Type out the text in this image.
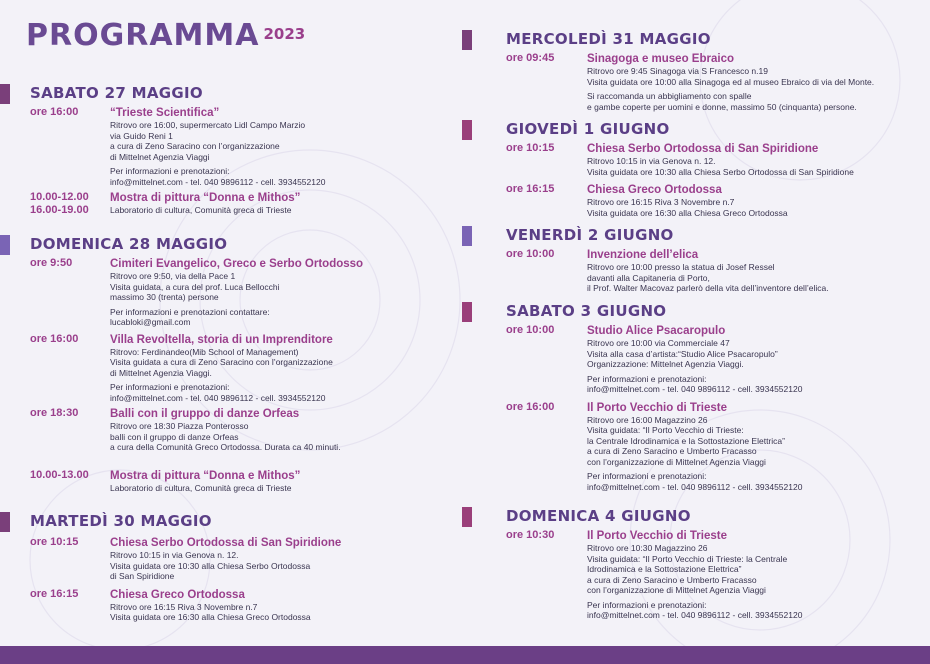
PROGRAMMA 2023
SABATO 27 MAGGIO
ore 16:00	“Trieste Scientifica”
Ritrovo ore 16:00, supermercato Lidl Campo Marzio
via Guido Reni 1
a cura di Zeno Saracino con l’organizzazione
di Mittelnet Agenzia Viaggi
Per informazioni e prenotazioni:
info@mittelnet.com - tel. 040 9896112 - cell. 3934552120
10.00-12.00
16.00-19.00
Mostra di pittura “Donna e Mithos”
Laboratorio di cultura, Comunità greca di Trieste
DOMENICA 28 MAGGIO
ore 9:50	Cimiteri Evangelico, Greco e Serbo Ortodosso
Ritrovo ore 9:50, via della Pace 1
Visita guidata, a cura del prof. Luca Bellocchi
massimo 30 (trenta) persone
Per informazioni e prenotazioni contattare:
lucabloki@gmail.com
ore 16:00	Villa Revoltella, storia di un Imprenditore
Ritrovo: Ferdinandeo(Mib School of Management)
Visita guidata a cura di Zeno Saracino con l’organizzazione
di Mittelnet Agenzia Viaggi.
Per informazioni e prenotazioni:
info@mittelnet.com - tel. 040 9896112 - cell. 3934552120
ore 18:30	Balli con il gruppo di danze Orfeas
Ritrovo ore 18:30 Piazza Ponterosso
balli con il gruppo di danze Orfeas
a cura della Comunità Greco Ortodossa. Durata ca 40 minuti.
10.00-13.00 Mostra di pittura “Donna e Mithos”
Laboratorio di cultura, Comunità greca di Trieste
MARTEDÌ 30 MAGGIO
ore 10:15	Chiesa Serbo Ortodossa di San Spiridione
Ritrovo 10:15 in via Genova n. 12.
Visita guidata ore 10:30 alla Chiesa Serbo Ortodossa
di San Spiridione
ore 16:15	Chiesa Greco Ortodossa
Ritrovo ore 16:15 Riva 3 Novembre n.7
Visita guidata ore 16:30 alla Chiesa Greco Ortodossa
MERCOLEDÌ 31 MAGGIO
ore 09:45	Sinagoga e museo Ebraico
Ritrovo ore 9:45 Sinagoga via S Francesco n.19
Visita guidata ore 10:00 alla Sinagoga ed al museo Ebraico di via del Monte.
Si raccomanda un abbigliamento con spalle
e gambe coperte per uomini e donne, massimo 50 (cinquanta) persone.
GIOVEDÌ 1 GIUGNO
ore 10:15	Chiesa Serbo Ortodossa di San Spiridione
Ritrovo 10:15 in via Genova n. 12.
Visita guidata ore 10:30 alla Chiesa Serbo Ortodossa di San Spiridione
ore 16:15	Chiesa Greco Ortodossa
Ritrovo ore 16:15 Riva 3 Novembre n.7
Visita guidata ore 16:30 alla Chiesa Greco Ortodossa
VENERDÌ 2 GIUGNO
ore 10:00	Invenzione dell’elica
Ritrovo ore 10:00 presso la statua di Josef Ressel
davanti alla Capitaneria di Porto,
il Prof. Walter Macovaz parlerò della vita dell’inventore dell’elica.
SABATO 3 GIUGNO
ore 10:00	Studio Alice Psacaropulo
Ritrovo ore 10:00 via Commerciale 47
Visita alla casa d’artista:“Studio Alice Psacaropulo”
Organizzazione: Mittelnet Agenzia Viaggi.
Per informazioni e prenotazioni:
info@mittelnet.com - tel. 040 9896112 - cell. 3934552120
ore 16:00	Il Porto Vecchio di Trieste
Ritrovo ore 16:00 Magazzino 26
Visita guidata: “Il Porto Vecchio di Trieste:
la Centrale Idrodinamica e la Sottostazione Elettrica”
a cura di Zeno Saracino e Umberto Fracasso
con l’organizzazione di Mittelnet Agenzia Viaggi
Per informazioni e prenotazioni:
info@mittelnet.com - tel. 040 9896112 - cell. 3934552120
DOMENICA 4 GIUGNO
ore 10:30	Il Porto Vecchio di Trieste
Ritrovo ore 10:30 Magazzino 26
Visita guidata: “Il Porto Vecchio di Trieste: la Centrale
Idrodinamica e la Sottostazione Elettrica”
a cura di Zeno Saracino e Umberto Fracasso
con l’organizzazione di Mittelnet Agenzia Viaggi
Per informazioni e prenotazioni:
info@mittelnet.com - tel. 040 9896112 - cell. 3934552120
